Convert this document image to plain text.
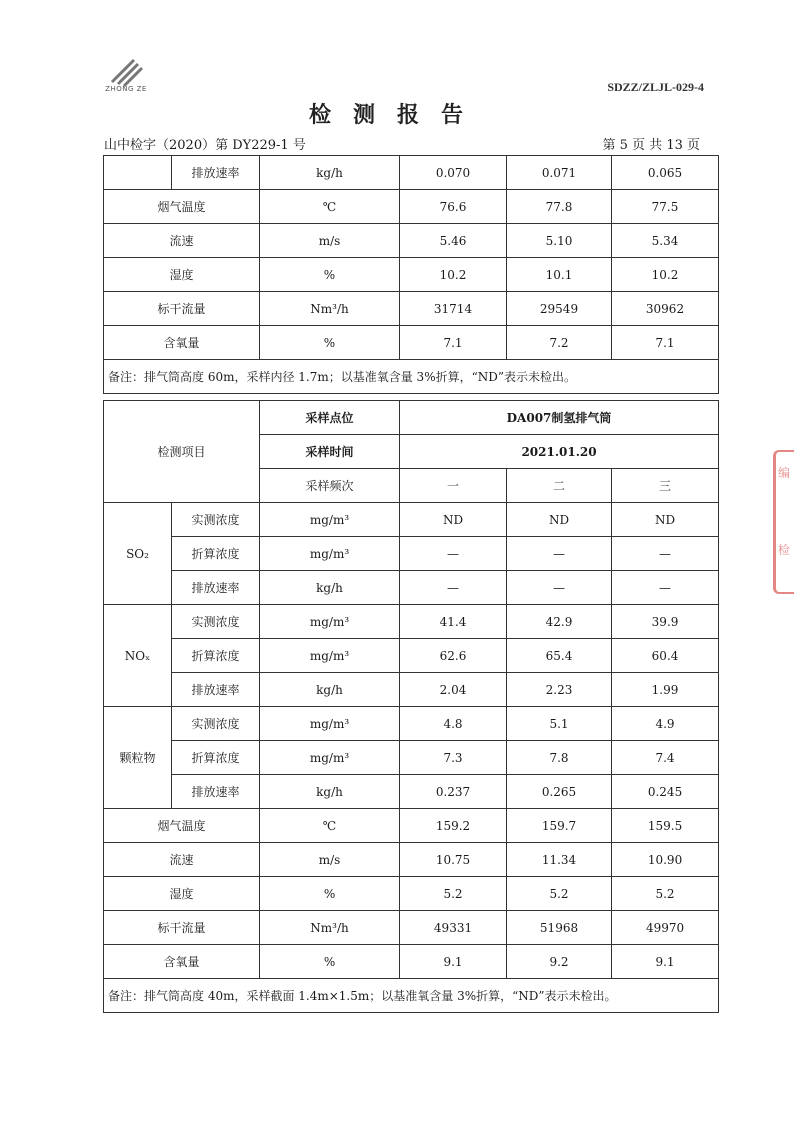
ZHONG ZE	SDZZ/ZLJL-029-4
检测报告
山中检字（2020）第 DY229-1 号	第 5 页 共 13 页
	排放速率	kg/h	0.070	0.071	0.065
烟气温度		℃	76.6	77.8	77.5
流速		m/s	5.46	5.10	5.34
湿度		%	10.2	10.1	10.2
标干流量		Nm³/h	31714	29549	30962
含氧量		%	7.1	7.2	7.1
备注：排气筒高度 60m，采样内径 1.7m；以基准氧含量 3%折算，“ND”表示未检出。					
检测项目		采样点位	DA007制氢排气筒		
		采样时间	2021.01.20		
		采样频次	一	二	三
SO₂	实测浓度	mg/m³	ND	ND	ND
	折算浓度	mg/m³	—	—	—
	排放速率	kg/h	—	—	—
NOₓ	实测浓度	mg/m³	41.4	42.9	39.9
	折算浓度	mg/m³	62.6	65.4	60.4
	排放速率	kg/h	2.04	2.23	1.99
颗粒物	实测浓度	mg/m³	4.8	5.1	4.9
	折算浓度	mg/m³	7.3	7.8	7.4
	排放速率	kg/h	0.237	0.265	0.245
烟气温度		℃	159.2	159.7	159.5
流速		m/s	10.75	11.34	10.90
湿度		%	5.2	5.2	5.2
标干流量		Nm³/h	49331	51968	49970
含氧量		%	9.1	9.2	9.1
备注：排气筒高度 40m，采样截面 1.4m×1.5m；以基准氧含量 3%折算，“ND”表示未检出。					
编
检
